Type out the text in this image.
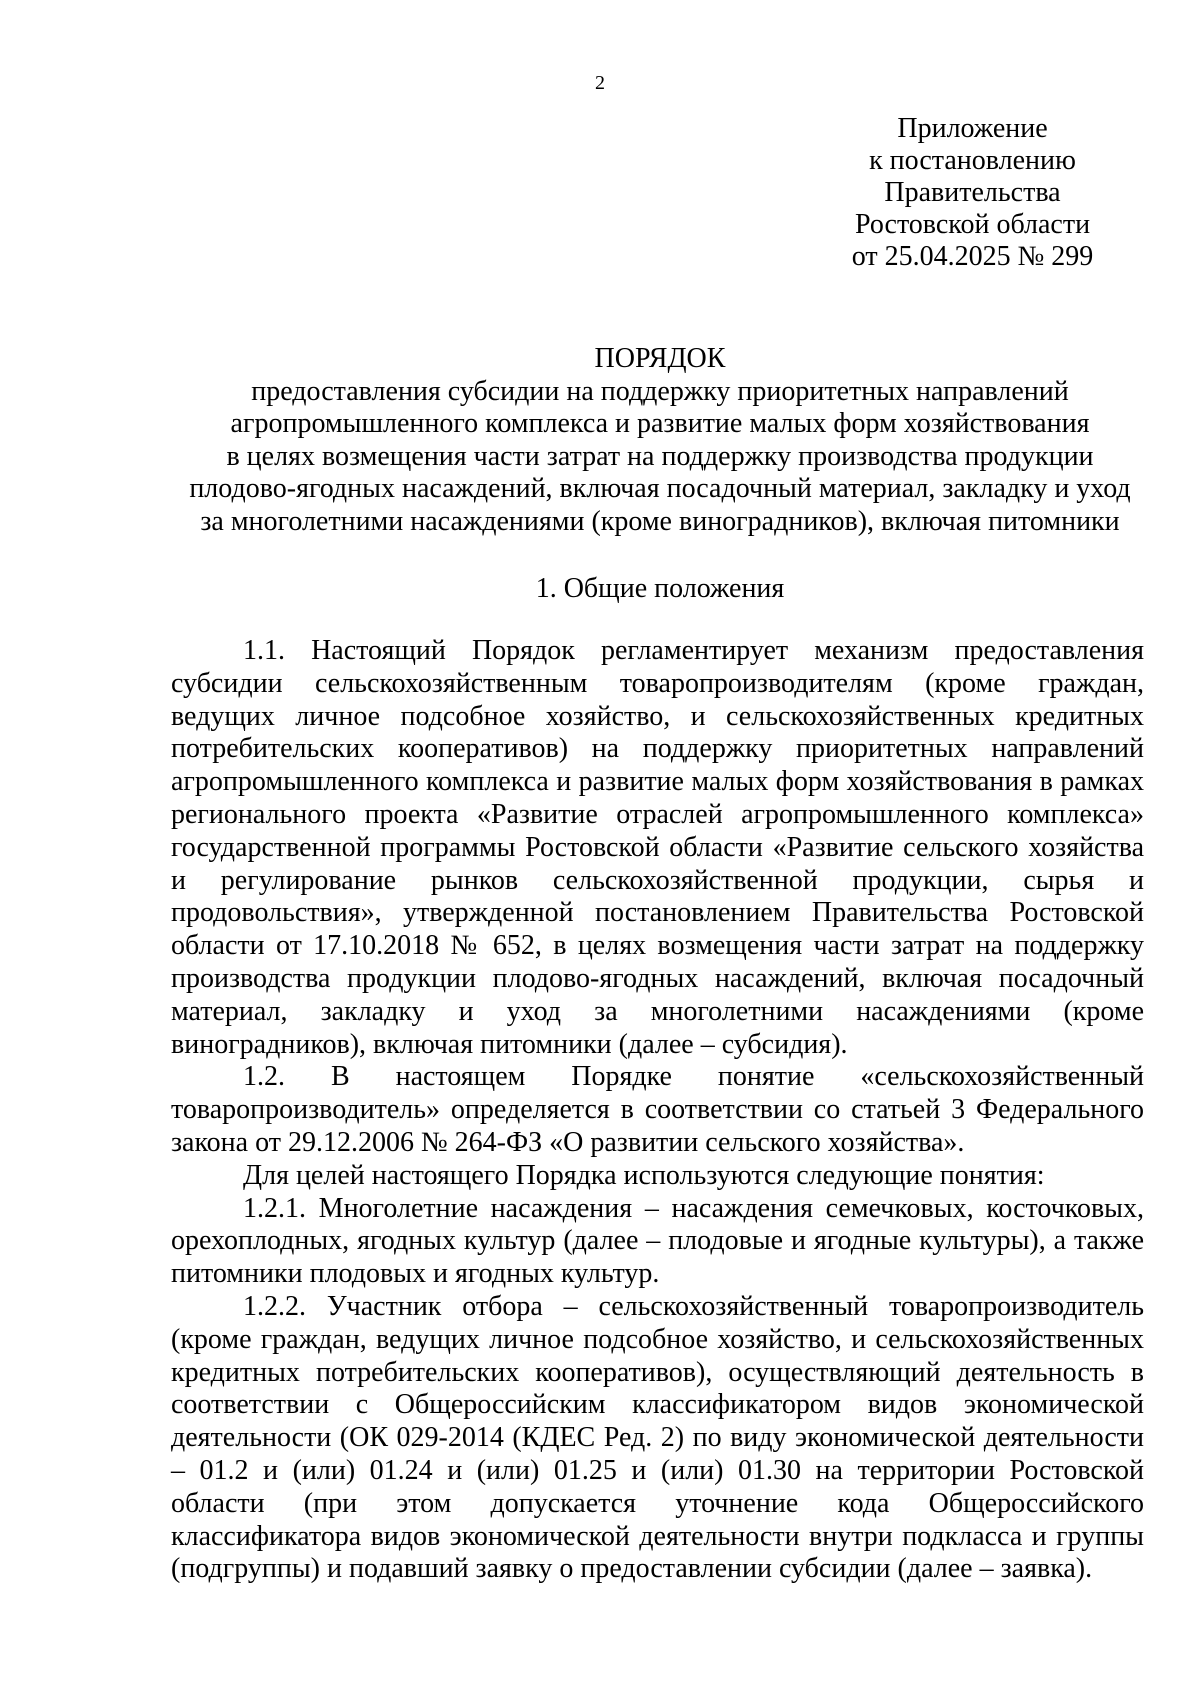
2
Приложение
к постановлению
Правительства
Ростовской области
от 25.04.2025 № 299
ПОРЯДОК
предоставления субсидии на поддержку приоритетных направлений
агропромышленного комплекса и развитие малых форм хозяйствования
в целях возмещения части затрат на поддержку производства продукции
плодово-ягодных насаждений, включая посадочный материал, закладку и уход
за многолетними насаждениями (кроме виноградников), включая питомники
1. Общие положения

1.1. Настоящий Порядок регламентирует механизм предоставления субсидии сельскохозяйственным товаропроизводителям (кроме граждан, ведущих личное подсобное хозяйство, и сельскохозяйственных кредитных потребительских кооперативов) на поддержку приоритетных направлений агропромышленного комплекса и развитие малых форм хозяйствования в рамках регионального проекта «Развитие отраслей агропромышленного комплекса» государственной программы Ростовской области «Развитие сельского хозяйства и регулирование рынков сельскохозяйственной продукции, сырья и продовольствия», утвержденной постановлением Правительства Ростовской области от 17.10.2018 № 652, в целях возмещения части затрат на поддержку производства продукции плодово-ягодных насаждений, включая посадочный материал, закладку и уход за многолетними насаждениями (кроме виноградников), включая питомники (далее – субсидия).

1.2. В настоящем Порядке понятие «сельскохозяйственный товаропроизводитель» определяется в соответствии со статьей 3 Федерального закона от 29.12.2006 № 264-ФЗ «О развитии сельского хозяйства».

Для целей настоящего Порядка используются следующие понятия:

1.2.1. Многолетние насаждения – насаждения семечковых, косточковых, орехоплодных, ягодных культур (далее – плодовые и ягодные культуры), а также питомники плодовых и ягодных культур.

1.2.2. Участник отбора – сельскохозяйственный товаропроизводитель (кроме граждан, ведущих личное подсобное хозяйство, и сельскохозяйственных кредитных потребительских кооперативов), осуществляющий деятельность в соответствии с Общероссийским классификатором видов экономической деятельности (ОК 029-2014 (КДЕС Ред. 2) по виду экономической деятельности – 01.2 и (или) 01.24 и (или) 01.25 и (или) 01.30 на территории Ростовской области (при этом допускается уточнение кода Общероссийского классификатора видов экономической деятельности внутри подкласса и группы (подгруппы) и подавший заявку о предоставлении субсидии (далее – заявка).
